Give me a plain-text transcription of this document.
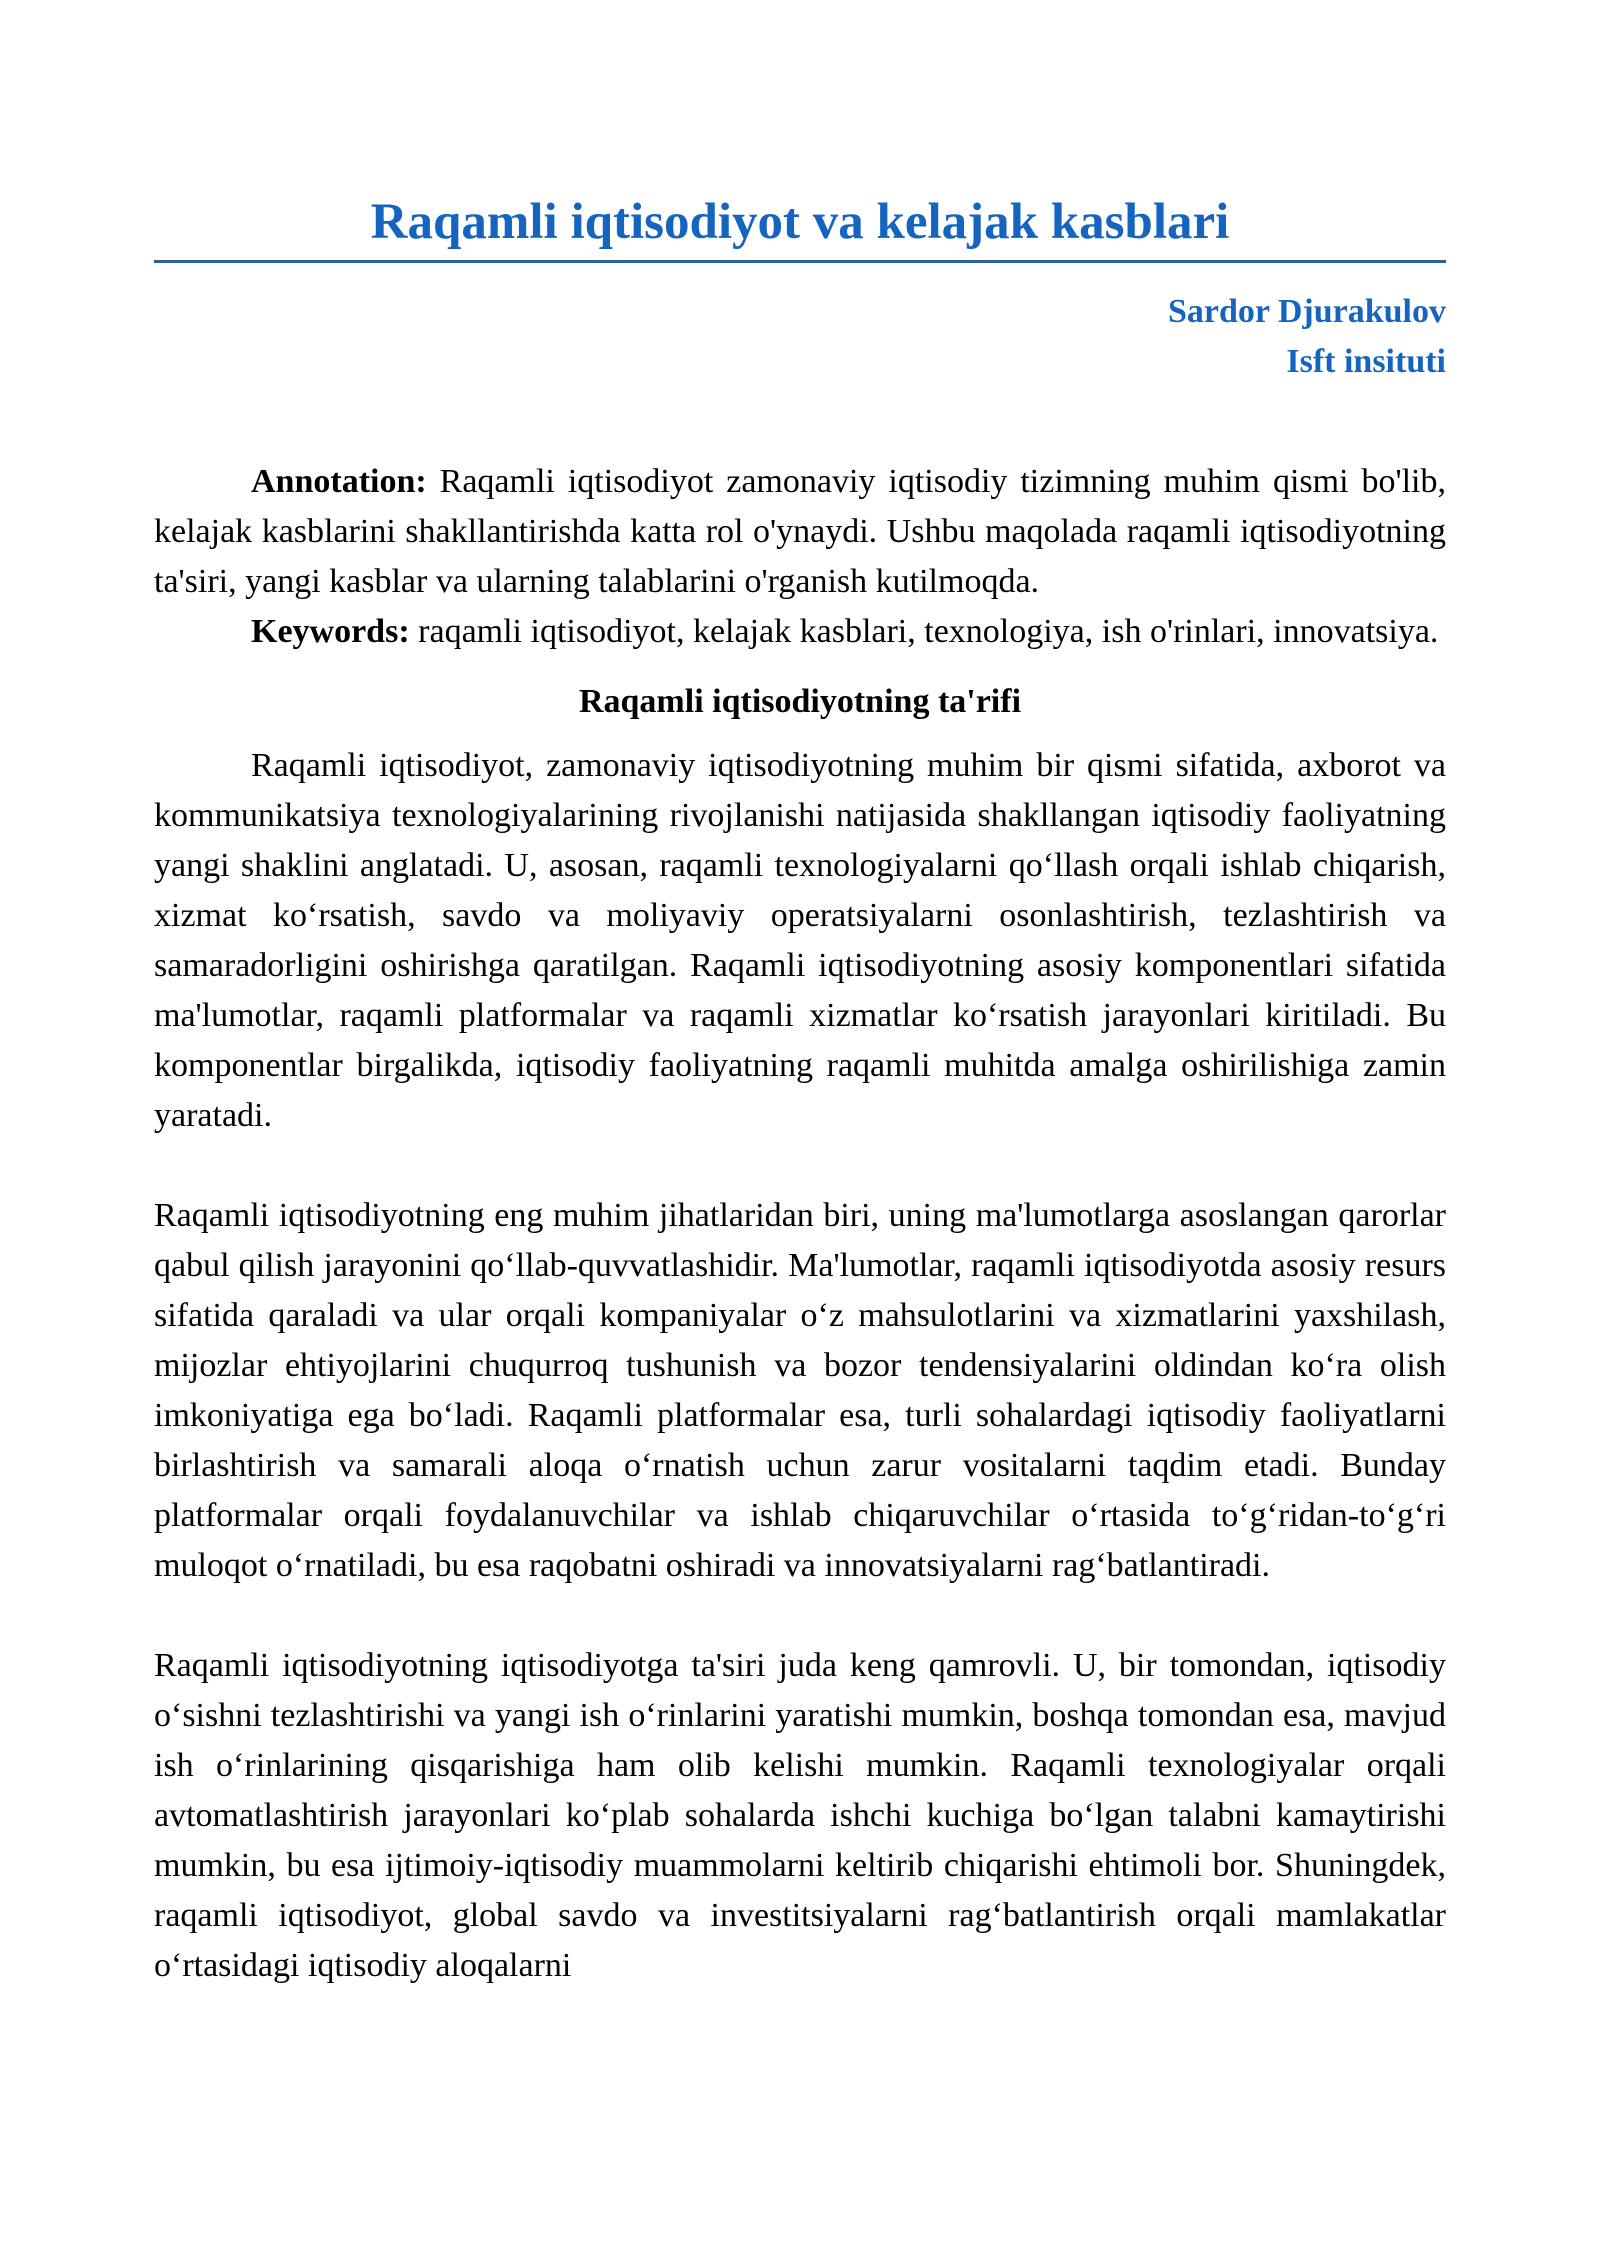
Raqamli iqtisodiyot va kelajak kasblari
Sardor Djurakulov
Isft insituti

Annotation: Raqamli iqtisodiyot zamonaviy iqtisodiy tizimning muhim qismi bo'lib, kelajak kasblarini shakllantirishda katta rol o'ynaydi. Ushbu maqolada raqamli iqtisodiyotning ta'siri, yangi kasblar va ularning talablarini o'rganish kutilmoqda.

Keywords: raqamli iqtisodiyot, kelajak kasblari, texnologiya, ish o'rinlari, innovatsiya.

Raqamli iqtisodiyotning ta'rifi

Raqamli iqtisodiyot, zamonaviy iqtisodiyotning muhim bir qismi sifatida, axborot va kommunikatsiya texnologiyalarining rivojlanishi natijasida shakllangan iqtisodiy faoliyatning yangi shaklini anglatadi. U, asosan, raqamli texnologiyalarni qo‘llash orqali ishlab chiqarish, xizmat ko‘rsatish, savdo va moliyaviy operatsiyalarni osonlashtirish, tezlashtirish va samaradorligini oshirishga qaratilgan. Raqamli iqtisodiyotning asosiy komponentlari sifatida ma'lumotlar, raqamli platformalar va raqamli xizmatlar ko‘rsatish jarayonlari kiritiladi. Bu komponentlar birgalikda, iqtisodiy faoliyatning raqamli muhitda amalga oshirilishiga zamin yaratadi.

Raqamli iqtisodiyotning eng muhim jihatlaridan biri, uning ma'lumotlarga asoslangan qarorlar qabul qilish jarayonini qo‘llab-quvvatlashidir. Ma'lumotlar, raqamli iqtisodiyotda asosiy resurs sifatida qaraladi va ular orqali kompaniyalar o‘z mahsulotlarini va xizmatlarini yaxshilash, mijozlar ehtiyojlarini chuqurroq tushunish va bozor tendensiyalarini oldindan ko‘ra olish imkoniyatiga ega bo‘ladi. Raqamli platformalar esa, turli sohalardagi iqtisodiy faoliyatlarni birlashtirish va samarali aloqa o‘rnatish uchun zarur vositalarni taqdim etadi. Bunday platformalar orqali foydalanuvchilar va ishlab chiqaruvchilar o‘rtasida to‘g‘ridan-to‘g‘ri muloqot o‘rnatiladi, bu esa raqobatni oshiradi va innovatsiyalarni rag‘batlantiradi.

Raqamli iqtisodiyotning iqtisodiyotga ta'siri juda keng qamrovli. U, bir tomondan, iqtisodiy o‘sishni tezlashtirishi va yangi ish o‘rinlarini yaratishi mumkin, boshqa tomondan esa, mavjud ish o‘rinlarining qisqarishiga ham olib kelishi mumkin. Raqamli texnologiyalar orqali avtomatlashtirish jarayonlari ko‘plab sohalarda ishchi kuchiga bo‘lgan talabni kamaytirishi mumkin, bu esa ijtimoiy-iqtisodiy muammolarni keltirib chiqarishi ehtimoli bor. Shuningdek, raqamli iqtisodiyot, global savdo va investitsiyalarni rag‘batlantirish orqali mamlakatlar o‘rtasidagi iqtisodiy aloqalarni
